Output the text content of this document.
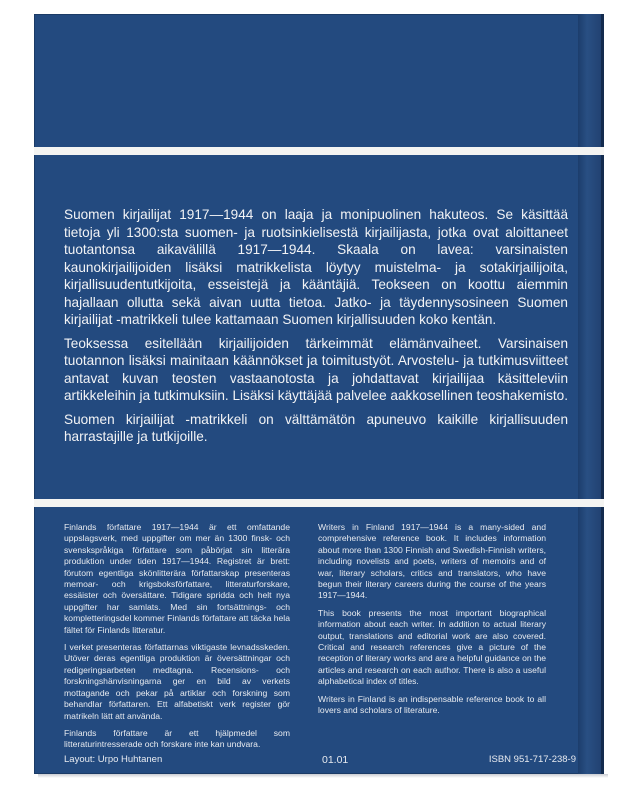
Suomen kirjailijat 1917—1944 on laaja ja monipuolinen hakuteos. Se käsittää tietoja yli 1300:sta suomen- ja ruotsinkielisestä kirjailijasta, jotka ovat aloittaneet tuotantonsa aikavälillä 1917—1944. Skaala on lavea: varsinaisten kaunokirjailijoiden lisäksi matrikkelista löytyy muistelma- ja sotakirjailijoita, kirjallisuudentutkijoita, esseistejä ja kääntäjiä. Teokseen on koottu aiemmin hajallaan ollutta sekä aivan uutta tietoa. Jatko- ja täydennysosineen Suomen kirjailijat -matrikkeli tulee kattamaan Suomen kirjallisuuden koko kentän.

Teoksessa esitellään kirjailijoiden tärkeimmät elämänvaiheet. Varsinaisen tuotannon lisäksi mainitaan käännökset ja toimitustyöt. Arvostelu- ja tutkimusviitteet antavat kuvan teosten vastaanotosta ja johdattavat kirjailijaa käsitteleviin artikkeleihin ja tutkimuksiin. Lisäksi käyttäjää palvelee aakkosellinen teoshakemisto.

Suomen kirjailijat -matrikkeli on välttämätön apuneuvo kaikille kirjallisuuden harrastajille ja tutkijoille.

Finlands författare 1917—1944 är ett omfattande uppslagsverk, med uppgifter om mer än 1300 finsk- och svenskspråkiga författare som påbörjat sin litterära produktion under tiden 1917—1944. Registret är brett: förutom egentliga skönlitterära författarskap presenteras memoar- och krigsboksförfattare, litteraturforskare, essäister och översättare. Tidigare spridda och helt nya uppgifter har samlats. Med sin fortsättnings- och kompletteringsdel kommer Finlands författare att täcka hela fältet för Finlands litteratur.

I verket presenteras författarnas viktigaste levnadsskeden. Utöver deras egentliga produktion är översättningar och redigeringsarbeten medtagna. Recensions- och forskningshänvisningarna ger en bild av verkets mottagande och pekar på artiklar och forskning som behandlar författaren. Ett alfabetiskt verk register gör matrikeln lätt att använda.

Finlands författare är ett hjälpmedel som litteraturintresserade och forskare inte kan undvara.

Writers in Finland 1917—1944 is a many-sided and comprehensive reference book. It includes information about more than 1300 Finnish and Swedish-Finnish writers, including novelists and poets, writers of memoirs and of war, literary scholars, critics and translators, who have begun their literary careers during the course of the years 1917—1944.

This book presents the most important biographical information about each writer. In addition to actual literary output, translations and editorial work are also covered. Critical and research references give a picture of the reception of literary works and are a helpful guidance on the articles and research on each author. There is also a useful alphabetical index of titles.

Writers in Finland is an indispensable reference book to all lovers and scholars of literature.

Layout: Urpo Huhtanen	01.01	ISBN 951-717-238-9
